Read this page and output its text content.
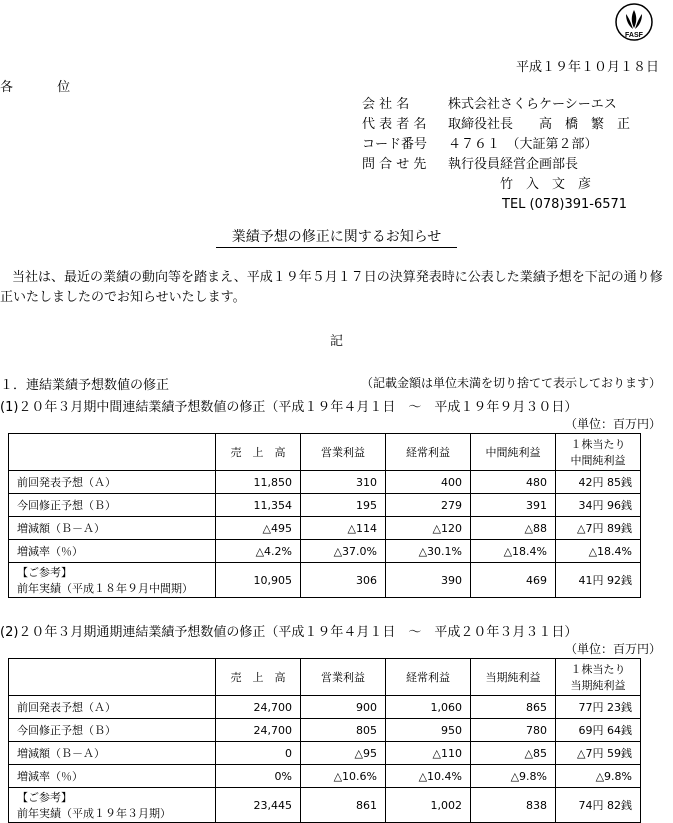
FASF
平成１９年１０月１８日
各 位
会 社 名	株式会社さくらケーシーエス
代 表 者 名 取締役社長　　高　橋　繁　正
コード番号 ４７６１　（大証第２部）
問 合 せ 先 執行役員経営企画部長
　　　　竹　入　文　彦
TEL (078)391-6571
業績予想の修正に関するお知らせ
当社は、最近の業績の動向等を踏まえ、平成１９年５月１７日の決算発表時に公表した業績予想を下記の通り修正いたしましたのでお知らせいたします。
記
１．連結業績予想数値の修正	（記載金額は単位未満を切り捨てて表示しております）
(1)２０年３月期中間連結業績予想数値の修正（平成１９年４月１日　～　平成１９年９月３０日）
（単位：百万円）
	売　上　高	営業利益	経常利益	中間純利益	１株当たり
中間純利益
前回発表予想（Ａ）	11,850	310	400	480	42円 85銭
今回修正予想（Ｂ）	11,354	195	279	391	34円 96銭
増減額（Ｂ－Ａ）	△495	△114	△120	△88	△7円 89銭
増減率（％）	△4.2%	△37.0%	△30.1%	△18.4%	△18.4%

【ご参考】
前年実績（平成１８年９月中間期）	10,905	306	390	469	41円 92銭
(2)２０年３月期通期連結業績予想数値の修正（平成１９年４月１日　～　平成２０年３月３１日）
（単位：百万円）
	売　上　高	営業利益	経常利益	当期純利益	１株当たり
当期純利益
前回発表予想（Ａ）	24,700	900	1,060	865	77円 23銭
今回修正予想（Ｂ）	24,700	805	950	780	69円 64銭
増減額（Ｂ－Ａ）	0	△95	△110	△85	△7円 59銭
増減率（％）	0%	△10.6%	△10.4%	△9.8%	△9.8%

【ご参考】
前年実績（平成１９年３月期）	23,445	861	1,002	838	74円 82銭
